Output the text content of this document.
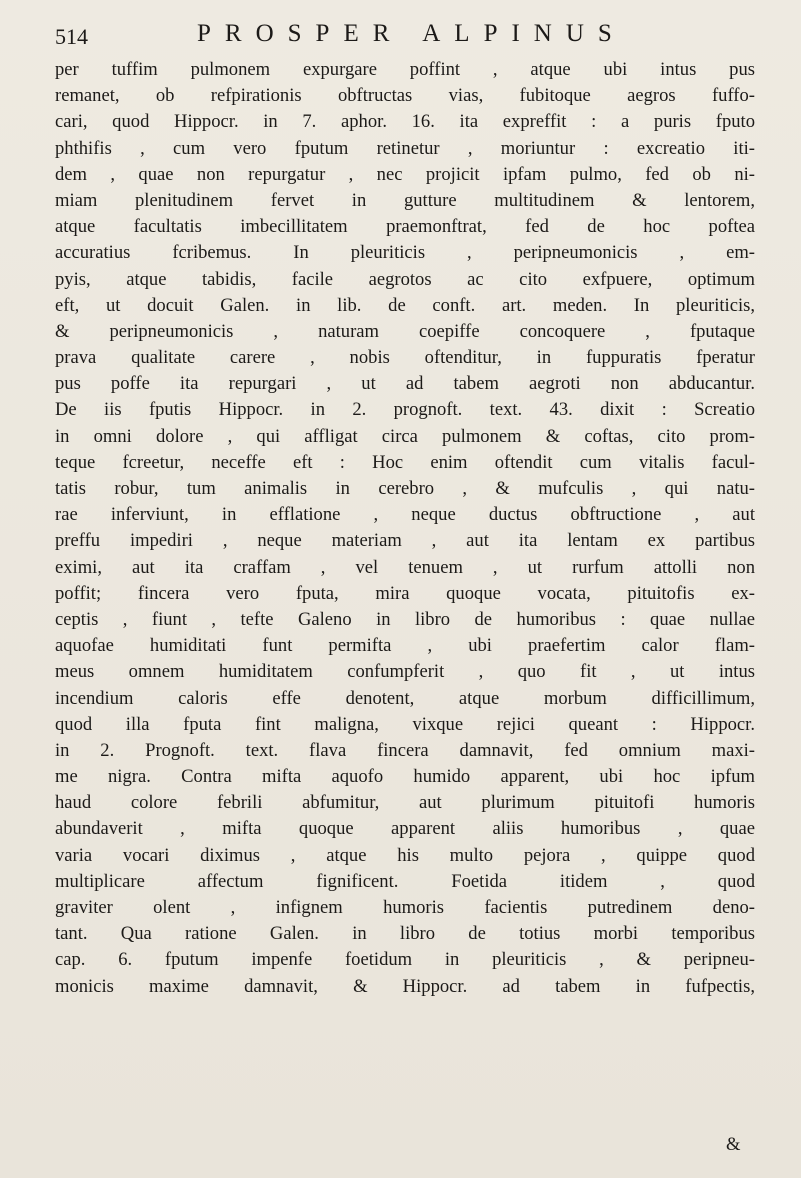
514	PROSPER ALPINUS
per tuffim pulmonem expurgare poffint , atque ubi intus pus
remanet, ob refpirationis obftructas vias, fubitoque aegros fuffo-
cari, quod Hippocr. in 7. aphor. 16. ita expreffit : a puris fputo
phthifis , cum vero fputum retinetur , moriuntur : excreatio iti-
dem , quae non repurgatur , nec projicit ipfam pulmo, fed ob ni-
miam plenitudinem fervet in gutture multitudinem & lentorem,
atque facultatis imbecillitatem praemonftrat, fed de hoc poftea
accuratius fcribemus. In pleuriticis , peripneumonicis , em-
pyis, atque tabidis, facile aegrotos ac cito exfpuere, optimum
eft, ut docuit Galen. in lib. de conft. art. meden. In pleuriticis,
& peripneumonicis , naturam coepiffe concoquere , fputaque
prava qualitate carere , nobis oftenditur, in fuppuratis fperatur
pus poffe ita repurgari , ut ad tabem aegroti non abducantur.
De iis fputis Hippocr. in 2. prognoft. text. 43. dixit : Screatio
in omni dolore , qui affligat circa pulmonem & coftas, cito prom-
teque fcreetur, neceffe eft : Hoc enim oftendit cum vitalis facul-
tatis robur, tum animalis in cerebro , & mufculis , qui natu-
rae inferviunt, in efflatione , neque ductus obftructione , aut
preffu impediri , neque materiam , aut ita lentam ex partibus
eximi, aut ita craffam , vel tenuem , ut rurfum attolli non
poffit; fincera vero fputa, mira quoque vocata, pituitofis ex-
ceptis , fiunt , tefte Galeno in libro de humoribus : quae nullae
aquofae humiditati funt permifta , ubi praefertim calor flam-
meus omnem humiditatem confumpferit , quo fit , ut intus
incendium caloris effe denotent, atque morbum difficillimum,
quod illa fputa fint maligna, vixque rejici queant : Hippocr.
in 2. Prognoft. text. flava fincera damnavit, fed omnium maxi-
me nigra. Contra mifta aquofo humido apparent, ubi hoc ipfum
haud colore febrili abfumitur, aut plurimum pituitofi humoris
abundaverit , mifta quoque apparent aliis humoribus , quae
varia vocari diximus , atque his multo pejora , quippe quod
multiplicare affectum fignificent. Foetida itidem , quod
graviter olent , infignem humoris facientis putredinem deno-
tant. Qua ratione Galen. in libro de totius morbi temporibus
cap. 6. fputum impenfe foetidum in pleuriticis , & peripneu-
monicis maxime damnavit, & Hippocr. ad tabem in fufpectis,
&
